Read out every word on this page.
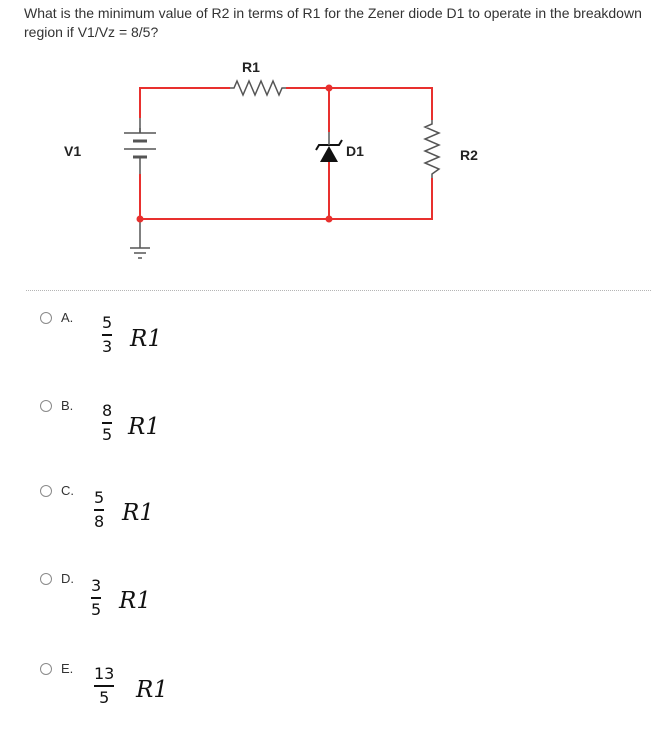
What is the minimum value of R2 in terms of R1 for the Zener diode D1 to operate in the breakdown region if V1/Vz = 8/5?
R1
V1	D1	R2
A. 5
3 R1
B. 8
5 R1
C. 5
8 R1
D. 3
5 R1
E. 13
5 R1
